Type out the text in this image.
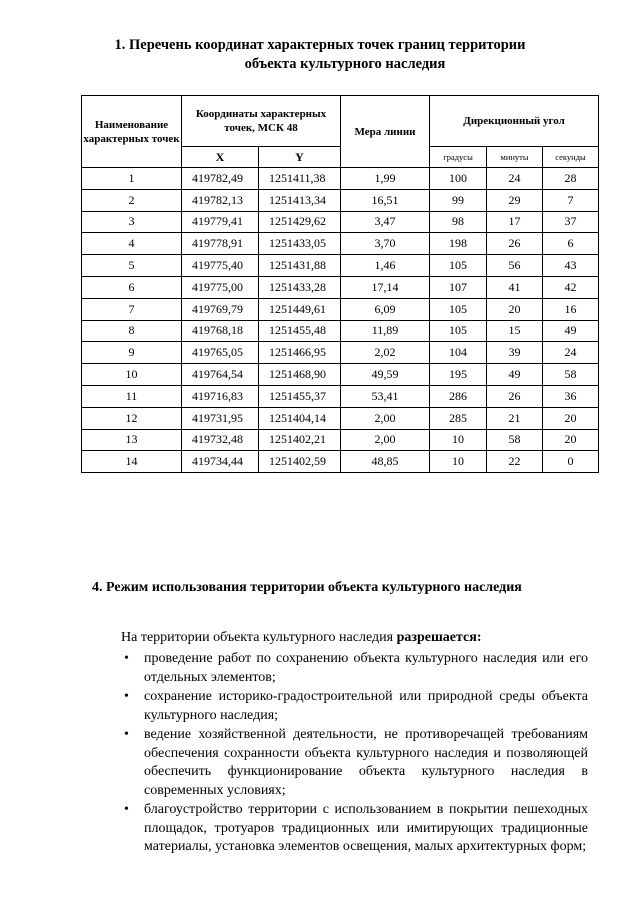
1. Перечень координат характерных точек границ территории
объекта культурного наследия
Наименование характерных точек	Координаты характерных точек, МСК 48		Мера линии	Дирекционный угол		
	X	Y		градусы	минуты	секунды
1	419782,49	1251411,38	1,99	100	24	28
2	419782,13	1251413,34	16,51	99	29	7
3	419779,41	1251429,62	3,47	98	17	37
4	419778,91	1251433,05	3,70	198	26	6
5	419775,40	1251431,88	1,46	105	56	43
6	419775,00	1251433,28	17,14	107	41	42
7	419769,79	1251449,61	6,09	105	20	16
8	419768,18	1251455,48	11,89	105	15	49
9	419765,05	1251466,95	2,02	104	39	24
10	419764,54	1251468,90	49,59	195	49	58
11	419716,83	1251455,37	53,41	286	26	36
12	419731,95	1251404,14	2,00	285	21	20
13	419732,48	1251402,21	2,00	10	58	20
14	419734,44	1251402,59	48,85	10	22	0
4. Режим использования территории объекта культурного наследия
На территории объекта культурного наследия разрешается:
• проведение работ по сохранению объекта культурного наследия или его отдельных элементов;
• сохранение историко-градостроительной или природной среды объекта культурного наследия;
• ведение хозяйственной деятельности, не противоречащей требованиям обеспечения сохранности объекта культурного наследия и позволяющей обеспечить функционирование объекта культурного наследия в современных условиях;
• благоустройство территории с использованием в покрытии пешеходных площадок, тротуаров традиционных или имитирующих традиционные материалы, установка элементов освещения, малых архитектурных форм;
